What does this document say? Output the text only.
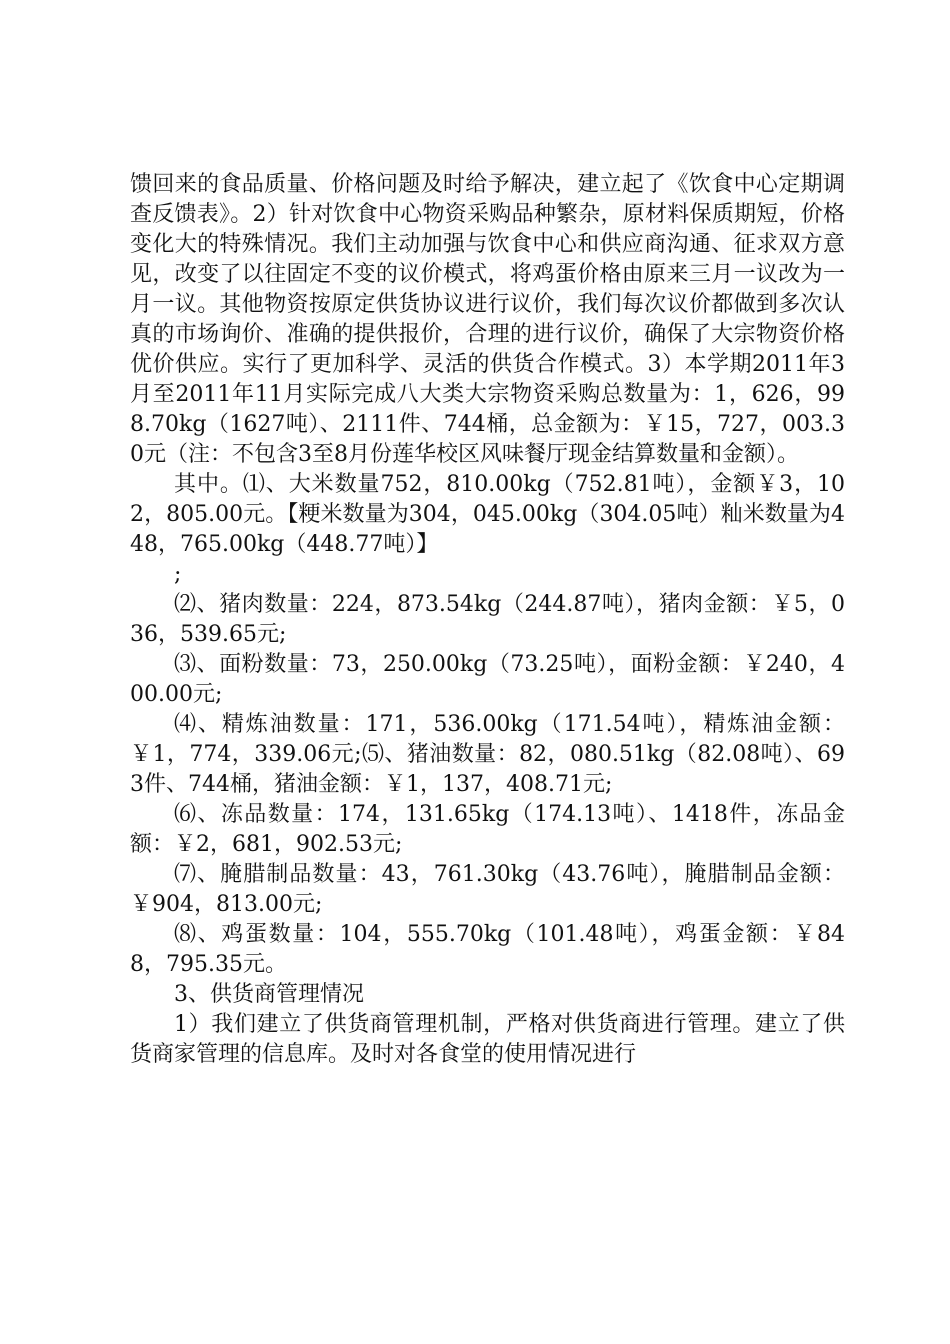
馈回来的食品质量、价格问题及时给予解决，建立起了《饮食中心定期调查反馈表》。2）针对饮食中心物资采购品种繁杂，原材料保质期短，价格变化大的特殊情况。我们主动加强与饮食中心和供应商沟通、征求双方意见，改变了以往固定不变的议价模式，将鸡蛋价格由原来三月一议改为一月一议。其他物资按原定供货协议进行议价，我们每次议价都做到多次认真的市场询价、准确的提供报价，合理的进行议价，确保了大宗物资价格优价供应。实行了更加科学、灵活的供货合作模式。3）本学期2011年3月至2011年11月实际完成八大类大宗物资采购总数量为：1，626，998.70kg（1627吨）、2111件、744桶，总金额为：￥15，727，003.30元（注：不包含3至8月份莲华校区风味餐厅现金结算数量和金额）。

其中。⑴、大米数量752，810.00kg（752.81吨），金额￥3，102，805.00元。【粳米数量为304，045.00kg（304.05吨）籼米数量为448，765.00kg（448.77吨）】

;

⑵、猪肉数量：224，873.54kg（244.87吨），猪肉金额：￥5，036，539.65元;

⑶、面粉数量：73，250.00kg（73.25吨），面粉金额：￥240，400.00元;

⑷、精炼油数量：171，536.00kg（171.54吨），精炼油金额：￥1，774，339.06元;⑸、猪油数量：82，080.51kg（82.08吨）、693件、744桶，猪油金额：￥1，137，408.71元;

⑹、冻品数量：174，131.65kg（174.13吨）、1418件，冻品金额：￥2，681，902.53元;

⑺、腌腊制品数量：43，761.30kg（43.76吨），腌腊制品金额：￥904，813.00元;

⑻、鸡蛋数量：104，555.70kg（101.48吨），鸡蛋金额：￥848，795.35元。

3、供货商管理情况

1）我们建立了供货商管理机制，严格对供货商进行管理。建立了供货商家管理的信息库。及时对各食堂的使用情况进行
